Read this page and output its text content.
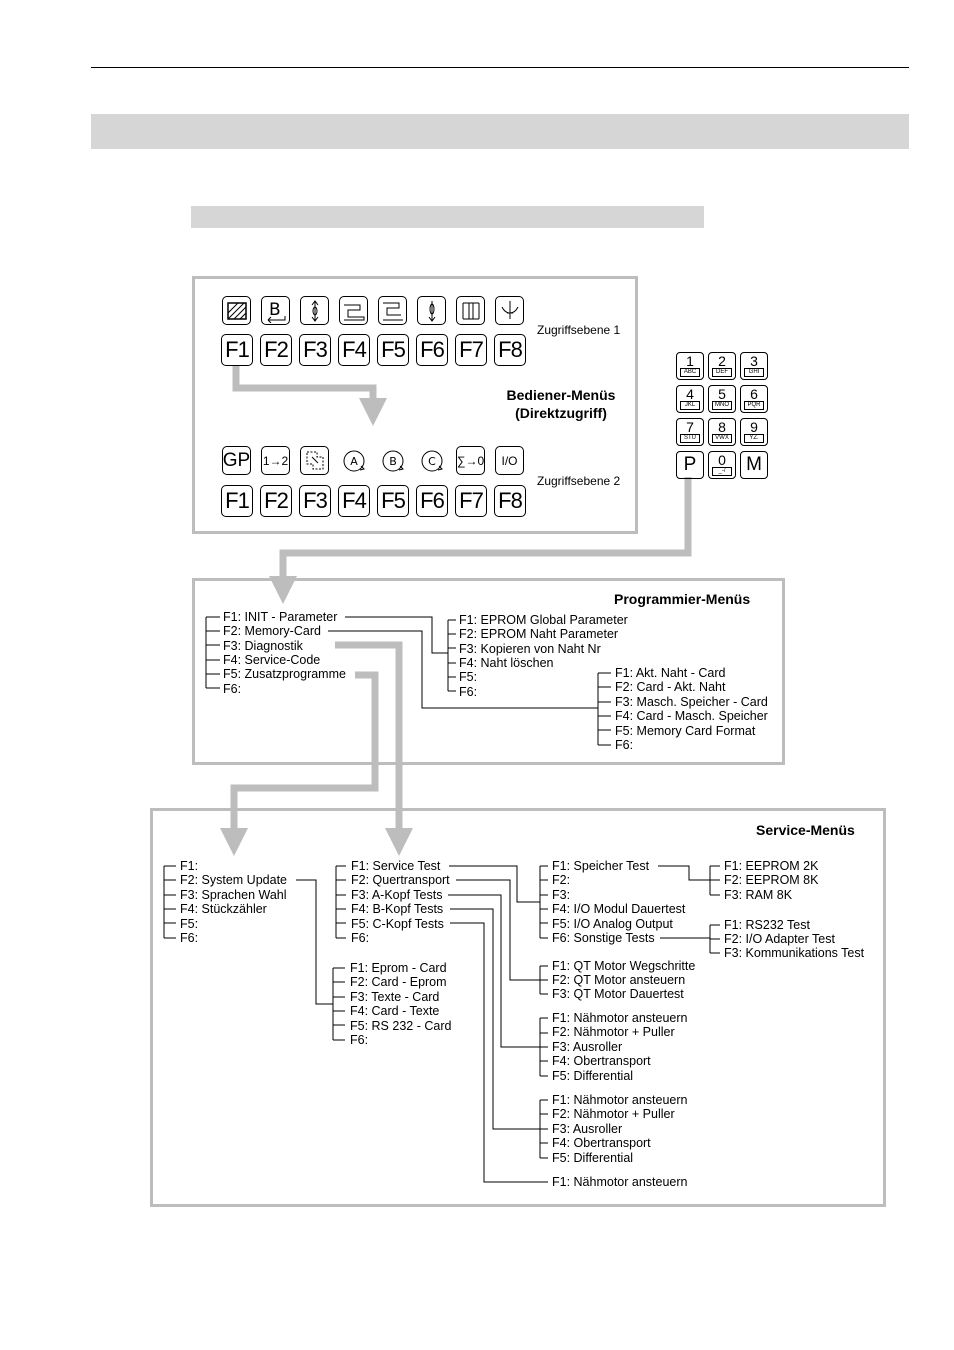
B
F1 F2 F3 F4 F5 F6 F7 F8
GP 1→2	A	B	C ∑→0	I/O
F1 F2 F3 F4 F5 F6 F7 F8
Zugriffsebene 1
Zugriffsebene 2
Bediener-Menüs
(Direktzugriff)
1
ABC
2
DEF
3
GHI
4
JKL
5
MNO
6
PQR
7
STU
8
VWX
9
YZ.
0
_-/
P	M
Programmier-Menüs
F1: INIT - Parameter
F2: Memory-Card
F3: Diagnostik
F4: Service-Code
F5: Zusatzprogramme
F6:
F1: EPROM Global Parameter
F2: EPROM Naht Parameter
F3: Kopieren von Naht Nr
F4: Naht löschen
F5:
F6:
F1: Akt. Naht - Card
F2: Card - Akt. Naht
F3: Masch. Speicher - Card
F4: Card - Masch. Speicher
F5: Memory Card Format
F6:
Service-Menüs
F1:
F2: System Update
F3: Sprachen Wahl
F4: Stückzähler
F5:
F6:
F1: Eprom - Card
F2: Card - Eprom
F3: Texte - Card
F4: Card - Texte
F5: RS 232 - Card
F6:
F1: Service Test
F2: Quertransport
F3: A-Kopf Tests
F4: B-Kopf Tests
F5: C-Kopf Tests
F6:
F1: Speicher Test
F2:
F3:
F4: I/O Modul Dauertest
F5: I/O Analog Output
F6: Sonstige Tests
F1: EEPROM 2K
F2: EEPROM 8K
F3: RAM 8K
F1: RS232 Test
F2: I/O Adapter Test
F3: Kommunikations Test
F1: QT Motor Wegschritte
F2: QT Motor ansteuern
F3: QT Motor Dauertest
F1: Nähmotor ansteuern
F2: Nähmotor + Puller
F3: Ausroller
F4: Obertransport
F5: Differential
F1: Nähmotor ansteuern
F2: Nähmotor + Puller
F3: Ausroller
F4: Obertransport
F5: Differential
F1: Nähmotor ansteuern
